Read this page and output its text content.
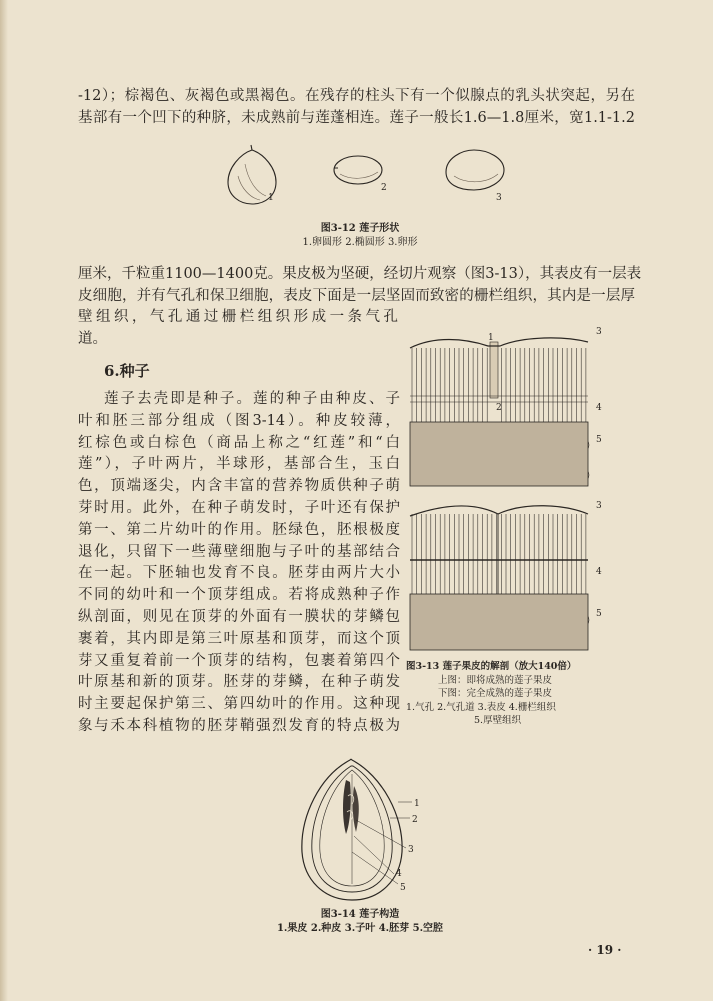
-12）；棕褐色、灰褐色或黑褐色。在残存的柱头下有一个似腺点的乳头状突起，另在
基部有一个凹下的种脐，未成熟前与莲蓬相连。莲子一般长1.6—1.8厘米，宽1.1-1.2
1
2
3
图3-12 莲子形状
1.卵圆形 2.椭圆形 3.卵形
厘米，千粒重1100—1400克。果皮极为坚硬，经切片观察（图3-13），其表皮有一层表
皮细胞，并有气孔和保卫细胞，表皮下面是一层坚固而致密的栅栏组织，其内是一层厚
壁组织，气孔通过栅栏组织形成一条气孔
道。
6.种子
莲子去壳即是种子。莲的种子由种皮、子
叶和胚三部分组成（图3-14）。种皮较薄，
红棕色或白棕色（商品上称之“红莲”和“白
莲”），子叶两片，半球形，基部合生，玉白
色，顶端逐尖，内含丰富的营养物质供种子萌
芽时用。此外，在种子萌发时，子叶还有保护
第一、第二片幼叶的作用。胚绿色，胚根极度
退化，只留下一些薄壁细胞与子叶的基部结合
在一起。下胚轴也发育不良。胚芽由两片大小
不同的幼叶和一个顶芽组成。若将成熟种子作
纵剖面，则见在顶芽的外面有一膜状的芽鳞包
裹着，其内即是第三叶原基和顶芽，而这个顶
芽又重复着前一个顶芽的结构，包裹着第四个
叶原基和新的顶芽。胚芽的芽鳞，在种子萌发
时主要起保护第三、第四幼叶的作用。这种现
象与禾本科植物的胚芽鞘强烈发育的特点极为
3
1
2	4
5
3
4
5
图3-13 莲子果皮的解剖（放大140倍）
上图：即将成熟的莲子果皮
下图：完全成熟的莲子果皮
1.气孔 2.气孔道 3.表皮 4.栅栏组织
5.厚壁组织
1
2
3
4
5
图3-14 莲子构造
1.果皮 2.种皮 3.子叶 4.胚芽 5.空腔
· 19 ·
